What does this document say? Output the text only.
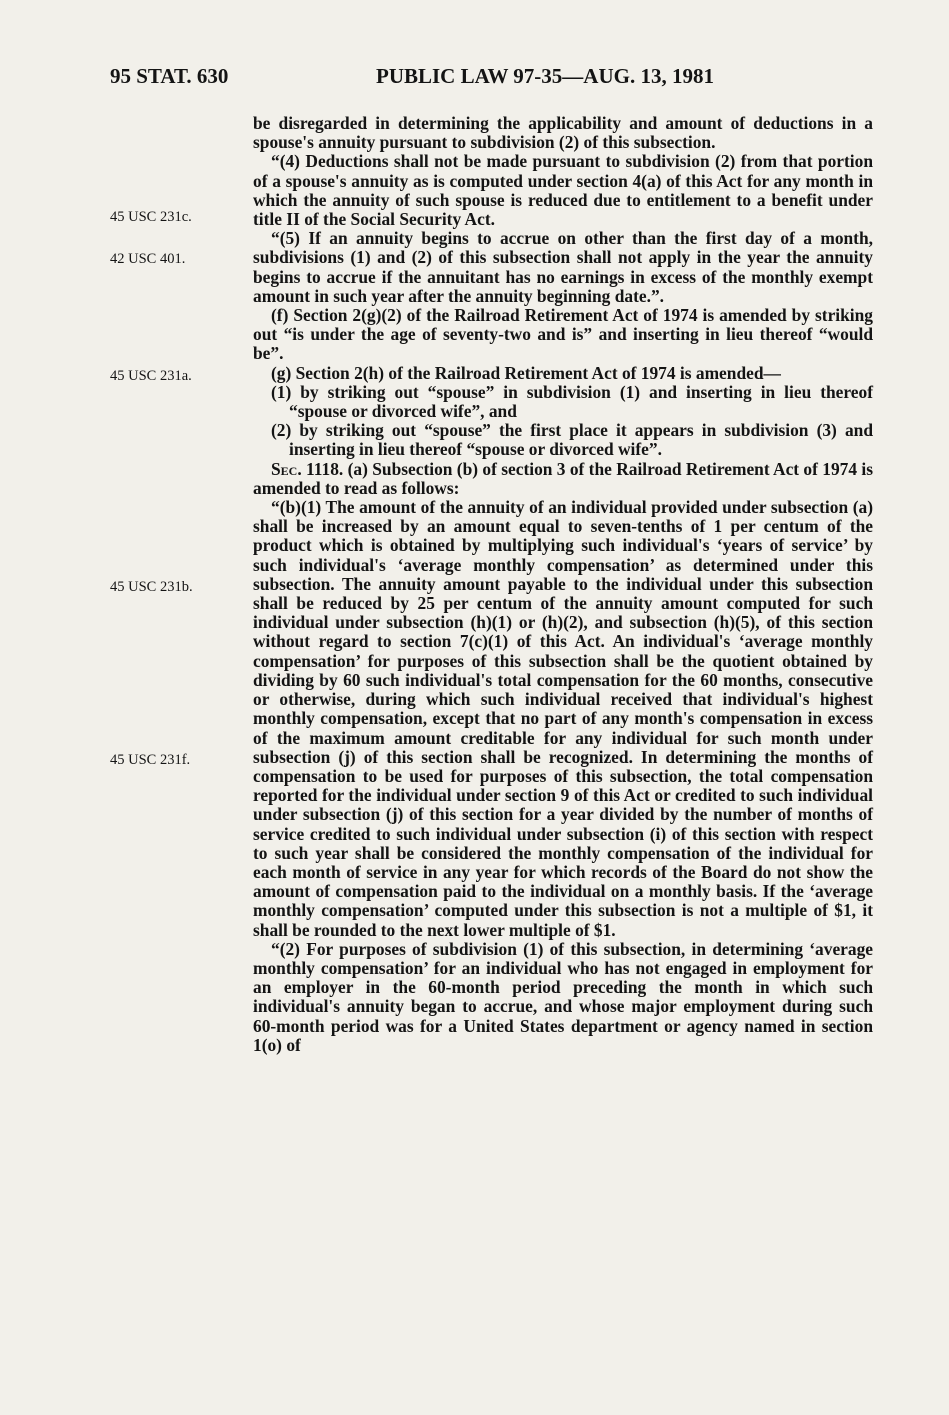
95 STAT. 630	PUBLIC LAW 97-35—AUG. 13, 1981
45 USC 231c.
42 USC 401.
45 USC 231a.
45 USC 231b.
45 USC 231f.

be disregarded in determining the applicability and amount of deductions in a spouse's annuity pursuant to subdivision (2) of this subsection.

“(4) Deductions shall not be made pursuant to subdivision (2) from that portion of a spouse's annuity as is computed under section 4(a) of this Act for any month in which the annuity of such spouse is reduced due to entitlement to a benefit under title II of the Social Security Act.

“(5) If an annuity begins to accrue on other than the first day of a month, subdivisions (1) and (2) of this subsection shall not apply in the year the annuity begins to accrue if the annuitant has no earnings in excess of the monthly exempt amount in such year after the annuity beginning date.”.

(f) Section 2(g)(2) of the Railroad Retirement Act of 1974 is amended by striking out “is under the age of seventy-two and is” and inserting in lieu thereof “would be”.

(g) Section 2(h) of the Railroad Retirement Act of 1974 is amended—

(1) by striking out “spouse” in subdivision (1) and inserting in lieu thereof “spouse or divorced wife”, and

(2) by striking out “spouse” the first place it appears in subdivision (3) and inserting in lieu thereof “spouse or divorced wife”.

Sec. 1118. (a) Subsection (b) of section 3 of the Railroad Retirement Act of 1974 is amended to read as follows:

“(b)(1) The amount of the annuity of an individual provided under subsection (a) shall be increased by an amount equal to seven-tenths of 1 per centum of the product which is obtained by multiplying such individual's ‘years of service’ by such individual's ‘average monthly compensation’ as determined under this subsection. The annuity amount payable to the individual under this subsection shall be reduced by 25 per centum of the annuity amount computed for such individual under subsection (h)(1) or (h)(2), and subsection (h)(5), of this section without regard to section 7(c)(1) of this Act. An individual's ‘average monthly compensation’ for purposes of this subsection shall be the quotient obtained by dividing by 60 such individual's total compensation for the 60 months, consecutive or otherwise, during which such individual received that individual's highest monthly compensation, except that no part of any month's compensation in excess of the maximum amount creditable for any individual for such month under subsection (j) of this section shall be recognized. In determining the months of compensation to be used for purposes of this subsection, the total compensation reported for the individual under section 9 of this Act or credited to such individual under subsection (j) of this section for a year divided by the number of months of service credited to such individual under subsection (i) of this section with respect to such year shall be considered the monthly compensation of the individual for each month of service in any year for which records of the Board do not show the amount of compensation paid to the individual on a monthly basis. If the ‘average monthly compensation’ computed under this subsection is not a multiple of $1, it shall be rounded to the next lower multiple of $1.

“(2) For purposes of subdivision (1) of this subsection, in determining ‘average monthly compensation’ for an individual who has not engaged in employment for an employer in the 60-month period preceding the month in which such individual's annuity began to accrue, and whose major employment during such 60-month period was for a United States department or agency named in section 1(o) of
